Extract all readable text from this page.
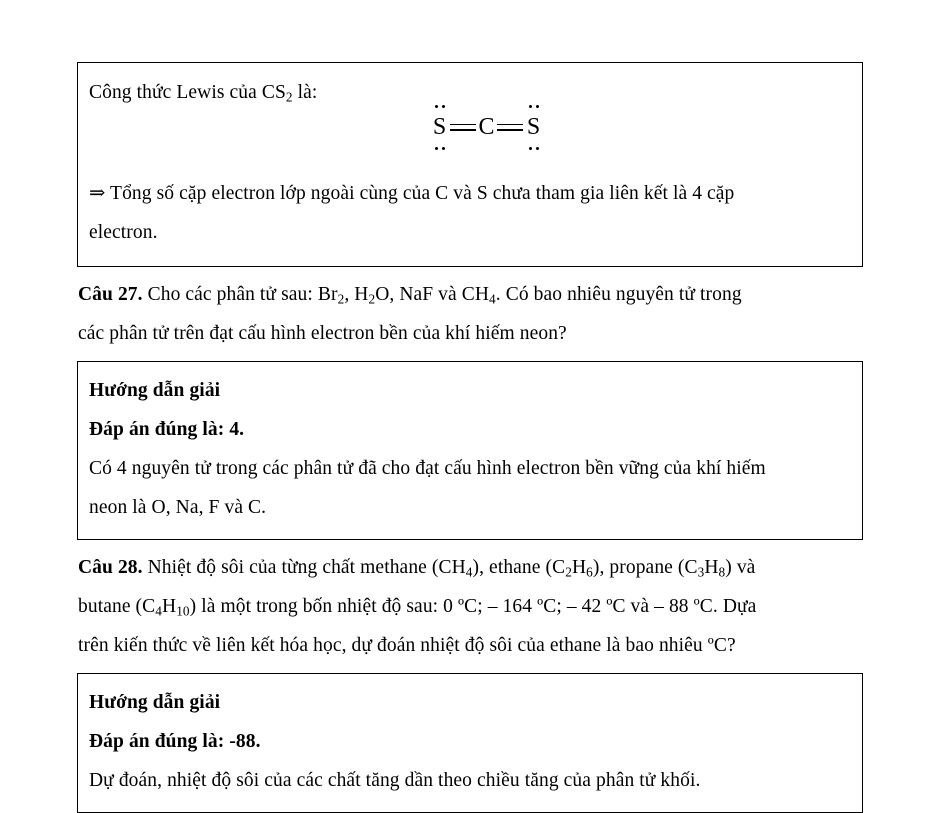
Công thức Lewis của $CS_2$ là:
S C S
⇒ Tổng số cặp electron lớp ngoài cùng của C và S chưa tham gia liên kết là 4 cặp
electron.
Câu 27. Cho các phân tử sau: $Br_2$, $H_2O$, NaF và $CH_4$. Có bao nhiêu nguyên tử trong
các phân tử trên đạt cấu hình electron bền của khí hiếm neon?
Hướng dẫn giải
Đáp án đúng là: 4.
Có 4 nguyên tử trong các phân tử đã cho đạt cấu hình electron bền vững của khí hiếm
neon là O, Na, F và C.
Câu 28. Nhiệt độ sôi của từng chất methane $(CH_4)$, ethane $(C_2H_6)$, propane $(C_3H_8)$ và
butane $(C_4H_{10})$ là một trong bốn nhiệt độ sau: 0 ºC; – 164 ºC; – 42 ºC và – 88 ºC. Dựa
trên kiến thức về liên kết hóa học, dự đoán nhiệt độ sôi của ethane là bao nhiêu ºC?
Hướng dẫn giải
Đáp án đúng là: -88.
Dự đoán, nhiệt độ sôi của các chất tăng dần theo chiều tăng của phân tử khối.
